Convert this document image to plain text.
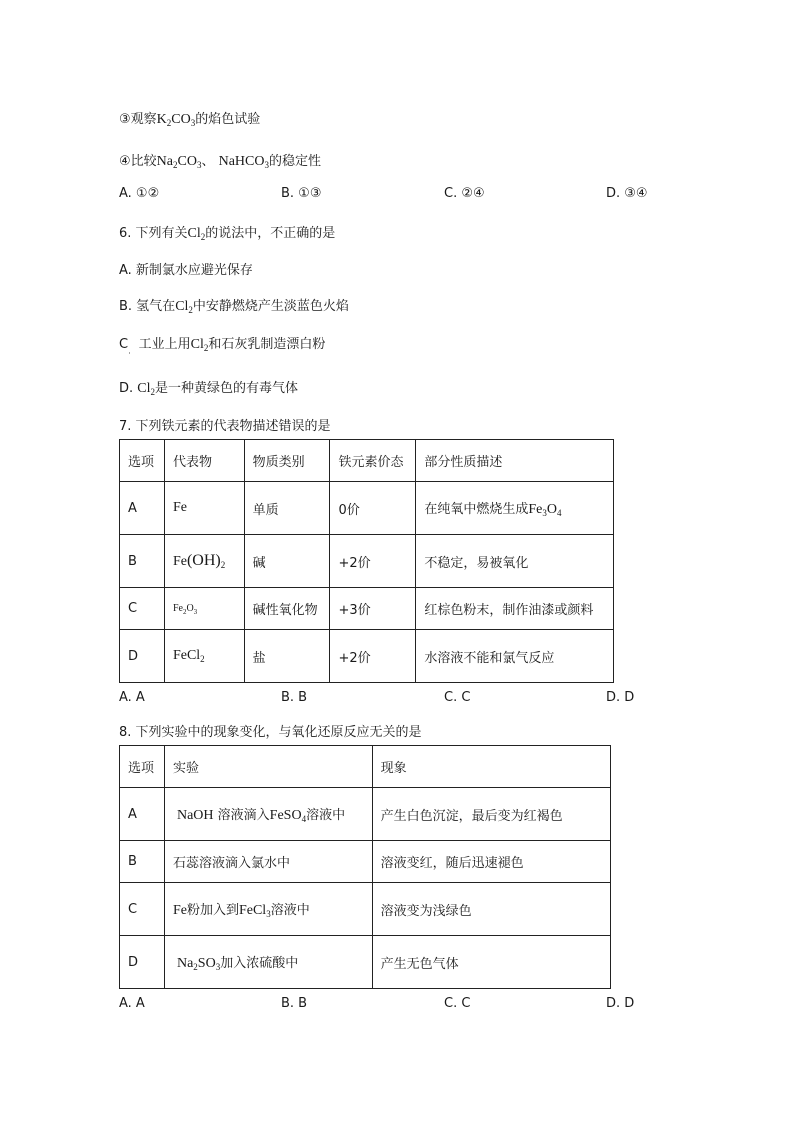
③观察$K_2CO_3$的焰色试验
④比较$Na_2CO_3$、 NaHCO$_3$的稳定性
A. ①②	B. ①③	C. ②④	D. ③④
6. 下列有关$Cl_2$的说法中，不正确的是
A. 新制氯水应避光保存
B. 氢气在$Cl_2$中安静燃烧产生淡蓝色火焰
$C_\cdot$工业上用$Cl_2$和石灰乳制造漂白粉
D. $Cl_2$是一种黄绿色的有毒气体
7. 下列铁元素的代表物描述错误的是
选项	代表物	物质类别	铁元素价态	部分性质描述
A	Fe	单质	0价	在纯氧中燃烧生成$Fe_3O_4$
B	$Fe(OH)_2$	碱	+2价	不稳定，易被氧化
C	$Fe_2O_3$	碱性氧化物	+3价	红棕色粉末，制作油漆或颜料
D	FeCl$_2$	盐	+2价	水溶液不能和氯气反应
A. A	B. B	C. C	D. D
8. 下列实验中的现象变化，与氧化还原反应无关的是
选项	实验	现象
A	NaOH 溶液滴入FeSO$_4$溶液中	产生白色沉淀，最后变为红褐色
B	石蕊溶液滴入氯水中	溶液变红，随后迅速褪色
C	Fe粉加入到FeCl$_3$溶液中	溶液变为浅绿色
D	$Na_2SO_3$加入浓硫酸中	产生无色气体
A. A	B. B	C. C	D. D
